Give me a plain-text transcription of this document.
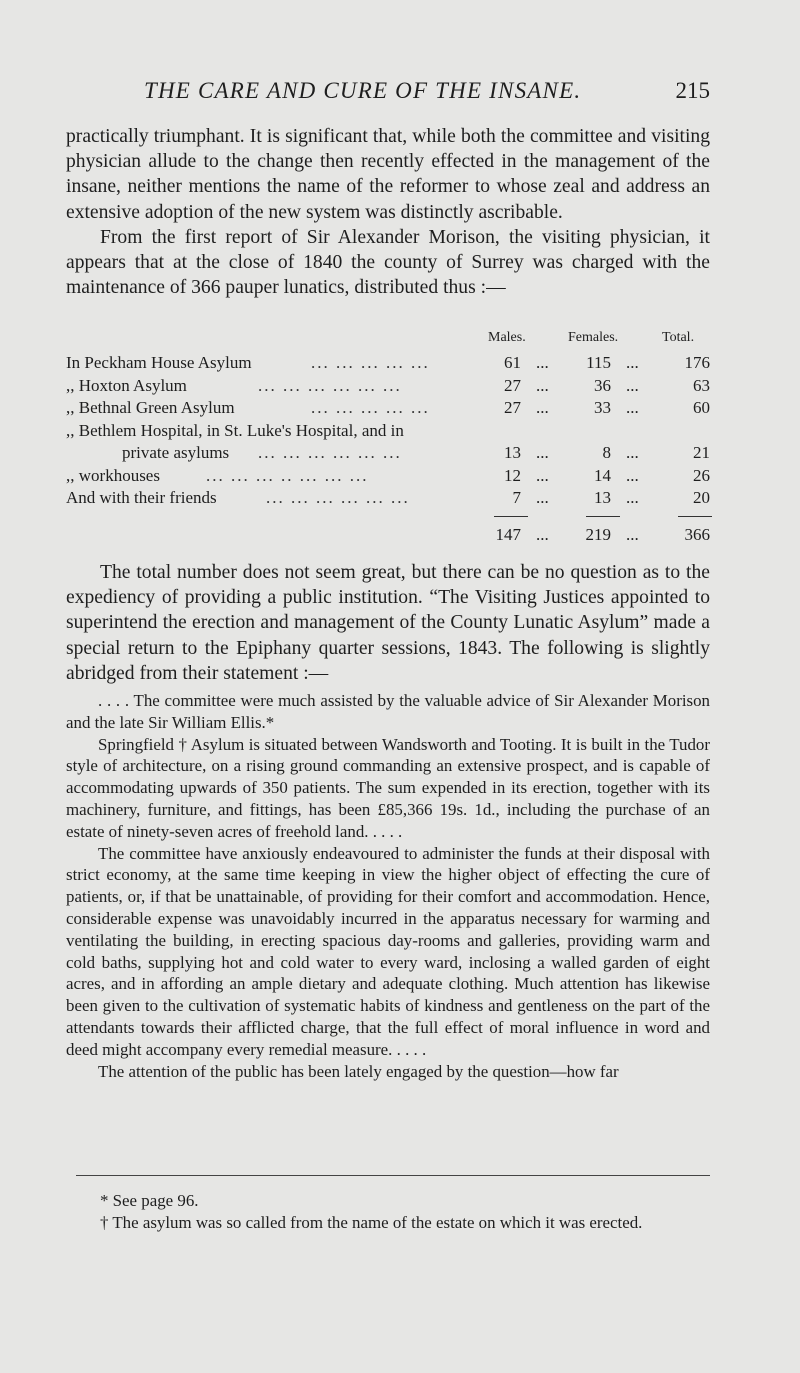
THE CARE AND CURE OF THE INSANE.	215

practically triumphant. It is significant that, while both the committee and visiting physician allude to the change then recently effected in the management of the insane, neither mentions the name of the reformer to whose zeal and address an extensive adoption of the new system was distinctly ascribable.

From the first report of Sir Alexander Morison, the visiting physician, it appears that at the close of 1840 the county of Surrey was charged with the maintenance of 366 pauper lunatics, distributed thus :—

Males.	Females.	Total.
In Peckham House Asylum	... ... ... ... ...	61 ...	115 ...	176
,, Hoxton Asylum	... ... ... ... ... ...	27 ...	36 ...	63
,, Bethnal Green Asylum	... ... ... ... ...	27 ...	33 ...	60
,, Bethlem Hospital, in St. Luke's Hospital, and in
private asylums ... ... ... ... ... ...	13 ...	8 ...	21
,, workhouses	... ... ... .. ... ... ...	12 ...	14 ...	26
And with their friends	... ... ... ... ... ...	7 ...	13 ...	20
147 ...	219 ...	366

The total number does not seem great, but there can be no question as to the expediency of providing a public institution. “The Visiting Justices appointed to superintend the erection and management of the County Lunatic Asylum” made a special return to the Epiphany quarter sessions, 1843. The following is slightly abridged from their statement :—

. . . . The committee were much assisted by the valuable advice of Sir Alexander Morison and the late Sir William Ellis.*

Springfield † Asylum is situated between Wandsworth and Tooting. It is built in the Tudor style of architecture, on a rising ground commanding an extensive prospect, and is capable of accommodating upwards of 350 patients. The sum expended in its erection, together with its machinery, furniture, and fittings, has been £85,366 19s. 1d., including the purchase of an estate of ninety-seven acres of freehold land. . . . .

The committee have anxiously endeavoured to administer the funds at their disposal with strict economy, at the same time keeping in view the higher object of effecting the cure of patients, or, if that be unattainable, of providing for their comfort and accommodation. Hence, considerable expense was unavoidably incurred in the apparatus necessary for warming and ventilating the building, in erecting spacious day-rooms and galleries, providing warm and cold baths, supplying hot and cold water to every ward, inclosing a walled garden of eight acres, and in affording an ample dietary and adequate clothing. Much attention has likewise been given to the cultivation of systematic habits of kindness and gentleness on the part of the attendants towards their afflicted charge, that the full effect of moral influence in word and deed might accompany every remedial measure. . . . .

The attention of the public has been lately engaged by the question—how far

* See page 96.

† The asylum was so called from the name of the estate on which it was erected.
